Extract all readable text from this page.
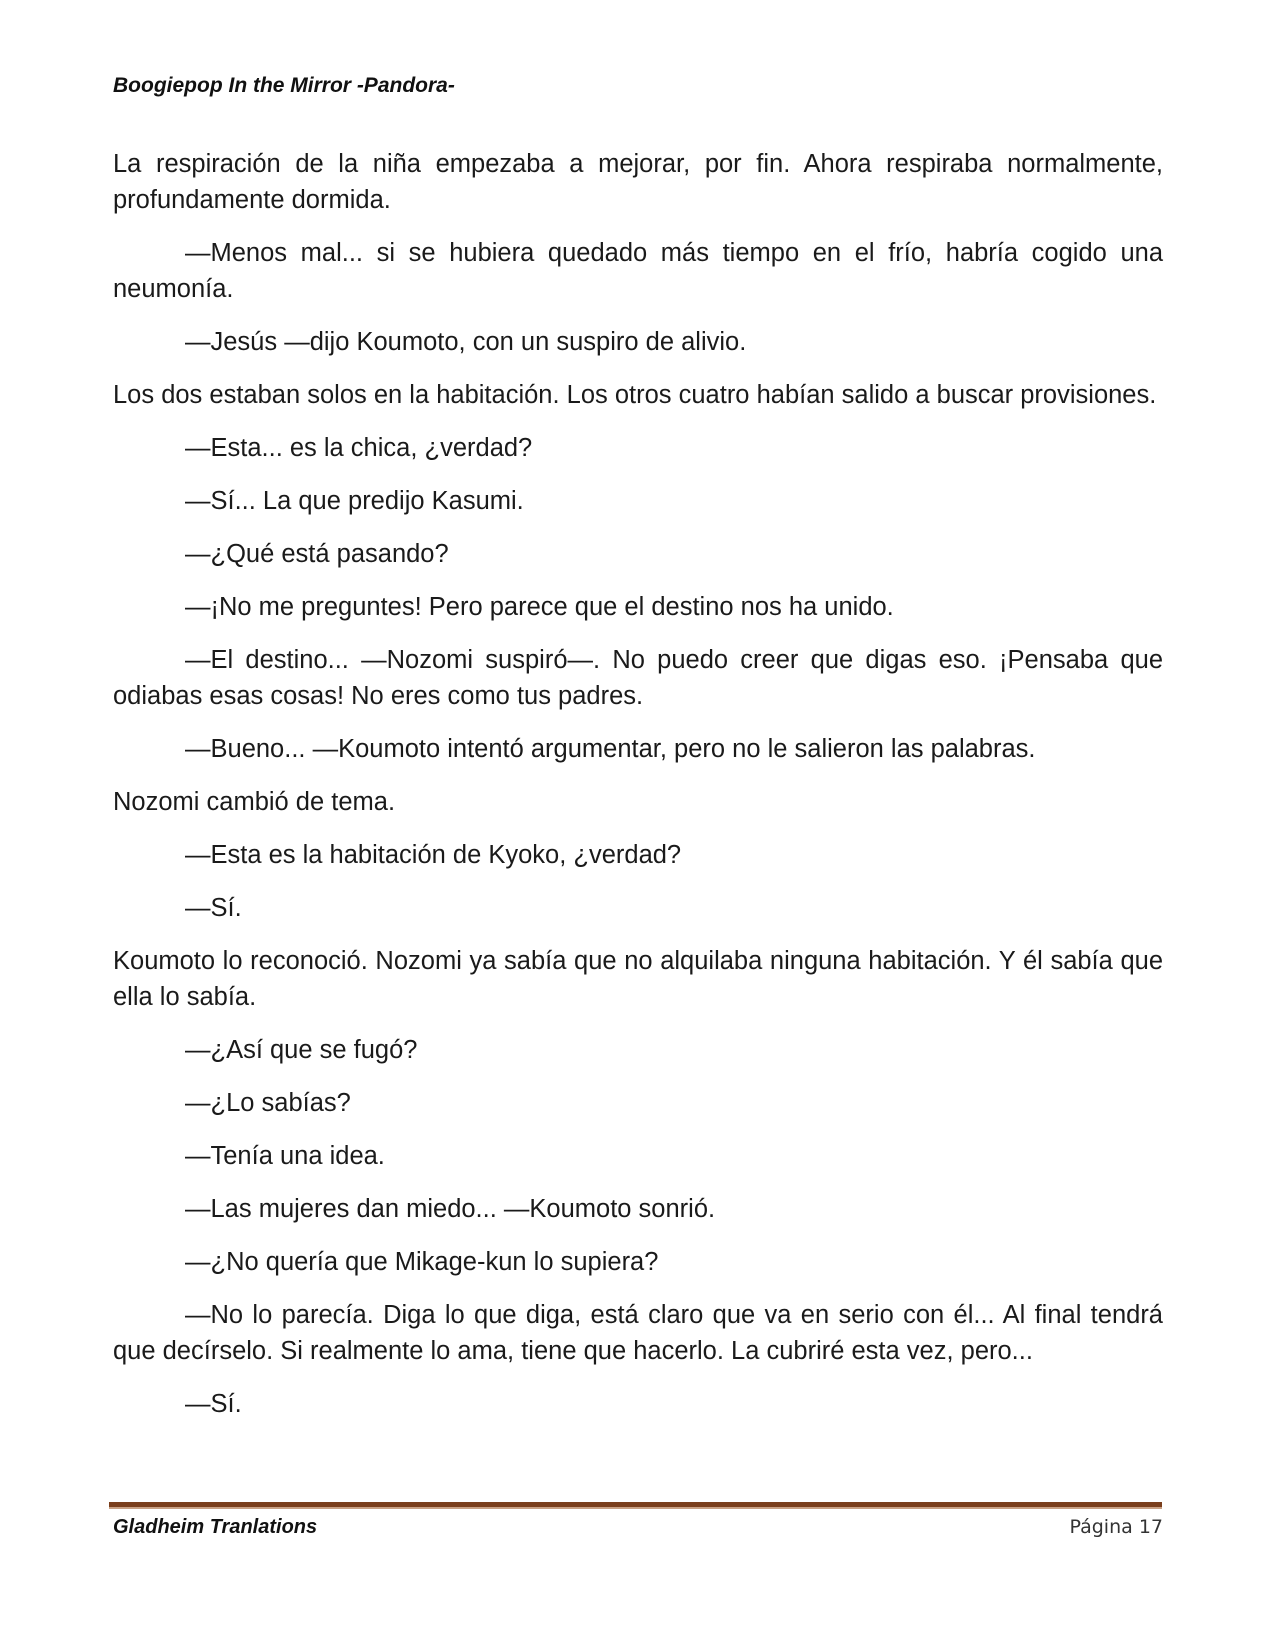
Boogiepop In the Mirror -Pandora-

La respiración de la niña empezaba a mejorar, por fin. Ahora respiraba normalmente, profundamente dormida.

—Menos mal... si se hubiera quedado más tiempo en el frío, habría cogido una neumonía.

—Jesús —dijo Koumoto, con un suspiro de alivio.

Los dos estaban solos en la habitación. Los otros cuatro habían salido a buscar provisiones.

—Esta... es la chica, ¿verdad?

—Sí... La que predijo Kasumi.

—¿Qué está pasando?

—¡No me preguntes! Pero parece que el destino nos ha unido.

—El destino... —Nozomi suspiró—. No puedo creer que digas eso. ¡Pensaba que odiabas esas cosas! No eres como tus padres.

—Bueno... —Koumoto intentó argumentar, pero no le salieron las palabras.

Nozomi cambió de tema.

—Esta es la habitación de Kyoko, ¿verdad?

—Sí.

Koumoto lo reconoció. Nozomi ya sabía que no alquilaba ninguna habitación. Y él sabía que ella lo sabía.

—¿Así que se fugó?

—¿Lo sabías?

—Tenía una idea.

—Las mujeres dan miedo... —Koumoto sonrió.

—¿No quería que Mikage-kun lo supiera?

—No lo parecía. Diga lo que diga, está claro que va en serio con él... Al final tendrá que decírselo. Si realmente lo ama, tiene que hacerlo. La cubriré esta vez, pero...

—Sí.

Gladheim Tranlations	Página 17
